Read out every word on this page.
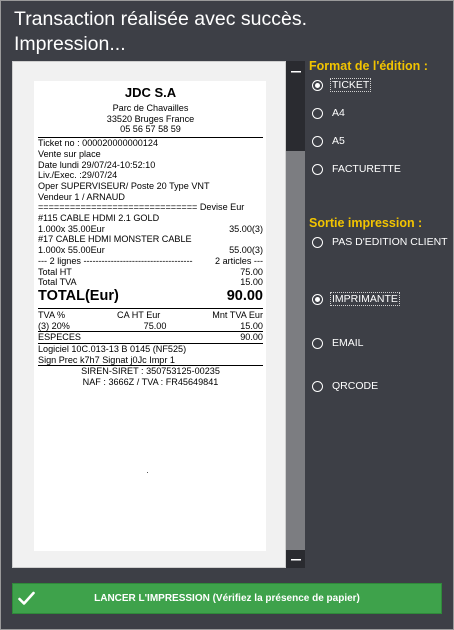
Transaction réalisée avec succès.
Impression...
JDC S.A
Parc de Chavailles
33520 Bruges France
05 56 57 58 59
Ticket no : 000020000000124
Vente sur place
Date lundi 29/07/24-10:52:10
Liv./Exec. :29/07/24
Oper SUPERVISEUR/ Poste 20 Type VNT
Vendeur 1 / ARNAUD
============================== Devise Eur
#115 CABLE HDMI 2.1 GOLD
1.000x 35.00Eur	35.00(3)
#17 CABLE HDMI MONSTER CABLE
1.000x 55.00Eur	55.00(3)
--- 2 lignes ------------------------------------ 2 articles ---
Total HT	75.00
Total TVA	15.00
TOTAL(Eur)	90.00
TVA %	CA HT Eur	Mnt TVA Eur
(3) 20%	75.00	15.00
ESPECES	90.00
Logiciel 10C.013-13 B 0145 (NF525)
Sign Prec k7h7 Signat j0Jc Impr 1
SIREN-SIRET : 350753125-00235
NAF : 3666Z / TVA : FR45649841
Format de l'édition :
TICKET
A4
A5
FACTURETTE
Sortie impression :
PAS D'EDITION CLIENT
IMPRIMANTE
EMAIL
QRCODE
LANCER L'IMPRESSION (Vérifiez la présence de papier)
